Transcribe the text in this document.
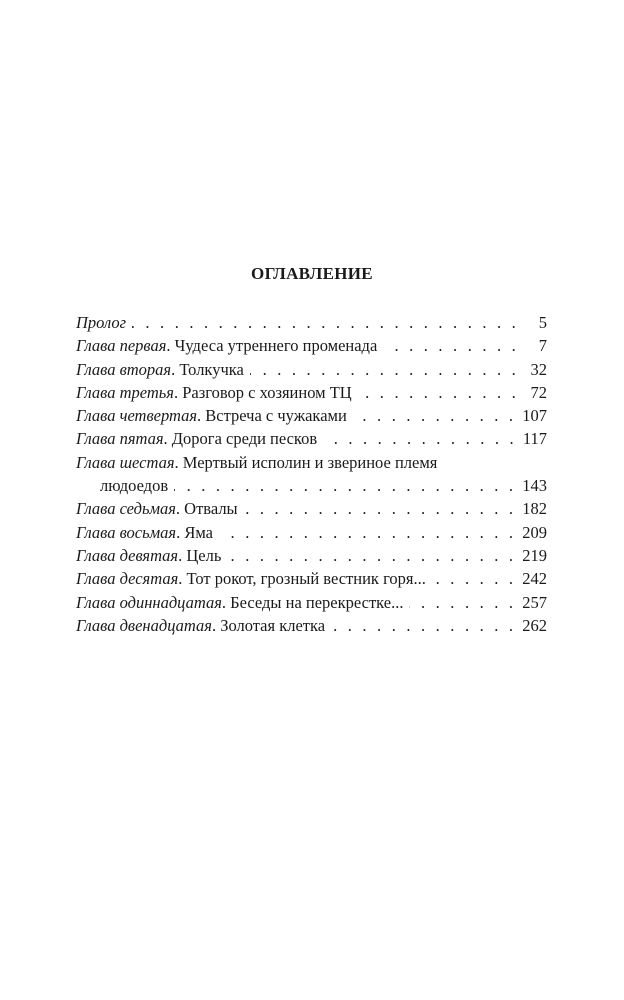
ОГЛАВЛЕНИЕ
Пролог . . .	5
Глава первая . Чудеса утреннего променада . . .	7
Глава вторая . Толкучка . . .	32
Глава третья . Разговор с хозяином ТЦ . . .	72
Глава четвертая . Встреча с чужаками . . .	107
Глава пятая . Дорога среди песков . . .	117
Глава шестая. Мертвый исполин и звериное племя
людоедов . . .	143
Глава седьмая . Отвалы . . .	182
Глава восьмая . Яма . . .	209
Глава девятая . Цель . . .	219
Глава десятая . Тот рокот, грозный вестник горя... . . .	242
Глава одиннадцатая . Беседы на перекрестке... . . .	257
Глава двенадцатая . Золотая клетка . . .	262
